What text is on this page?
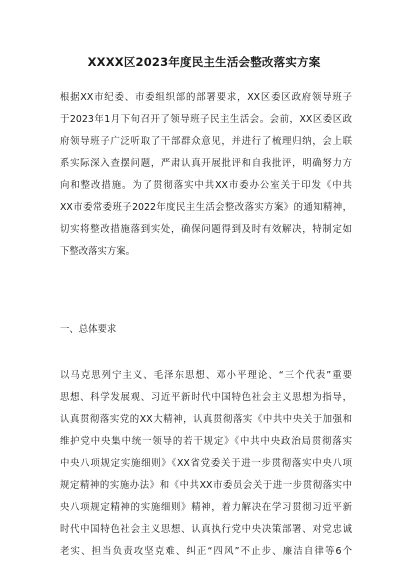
XXXX区2023年度民主生活会整改落实方案
根据XX市纪委、市委组织部的部署要求，XX区委区政府领导班子
于2023年1月下旬召开了领导班子民主生活会。会前，XX区委区政
府领导班子广泛听取了干部群众意见，并进行了梳理归纳，会上联
系实际深入查摆问题，严肃认真开展批评和自我批评，明确努力方
向和整改措施。为了贯彻落实中共XX市委办公室关于印发《中共
XX市委常委班子2022年度民主生活会整改落实方案》的通知精神，
切实将整改措施落到实处，确保问题得到及时有效解决，特制定如
下整改落实方案。
一、总体要求
以马克思列宁主义、毛泽东思想、邓小平理论、“三个代表”重要
思想、科学发展观、习近平新时代中国特色社会主义思想为指导，
认真贯彻落实党的XX大精神，认真贯彻落实《中共中央关于加强和
维护党中央集中统一领导的若干规定》《中共中央政治局贯彻落实
中央八项规定实施细则》《XX省党委关于进一步贯彻落实中央八项
规定精神的实施办法》和《中共XX市委员会关于进一步贯彻落实中
央八项规定精神的实施细则》精神，着力解决在学习贯彻习近平新
时代中国特色社会主义思想、认真执行党中央决策部署、对党忠诚
老实、担当负责攻坚克难、纠正“四风”不止步、廉洁自律等6个
